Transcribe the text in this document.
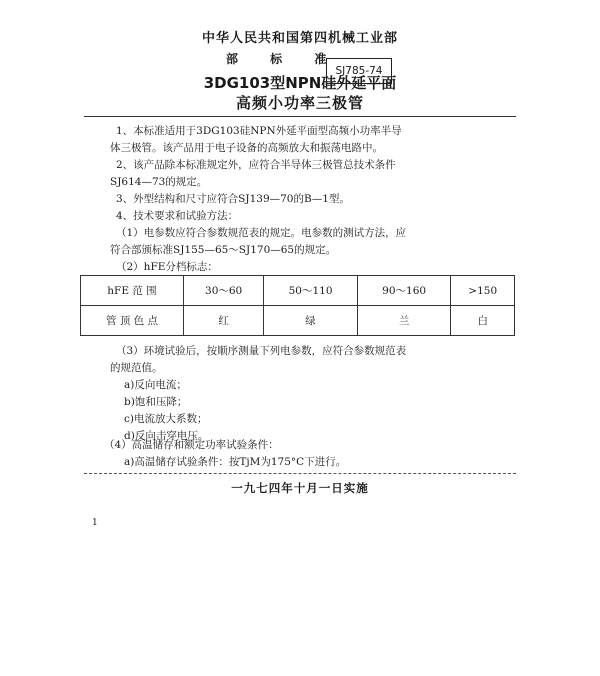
中华人民共和国第四机械工业部
部 标 准
SJ785-74
3DG103型NPN硅外延平面
高频小功率三极管
1、本标准适用于3DG103硅NPN外延平面型高频小功率半导
体三极管。该产品用于电子设备的高频放大和振荡电路中。
2、该产品除本标准规定外，应符合半导体三极管总技术条件
SJ614—73的规定。
3、外型结构和尺寸应符合SJ139—70的B—1型。
4、技术要求和试验方法：
（1）电参数应符合参数规范表的规定。电参数的测试方法，应
符合部颁标准SJ155—65～SJ170—65的规定。
（2）hFE分档标志：
hFE 范 围	30～60	50～110	90～160	>150
管 顶 色 点	红	绿	兰	白
（3）环境试验后，按顺序测量下列电参数，应符合参数规范表
的规范值。
a)反向电流；
b)饱和压降；
c)电流放大系数；
d)反向击穿电压。
（4）高温储存和额定功率试验条件：
a)高温储存试验条件：按TjM为175°C下进行。
一九七四年十月一日实施
1
